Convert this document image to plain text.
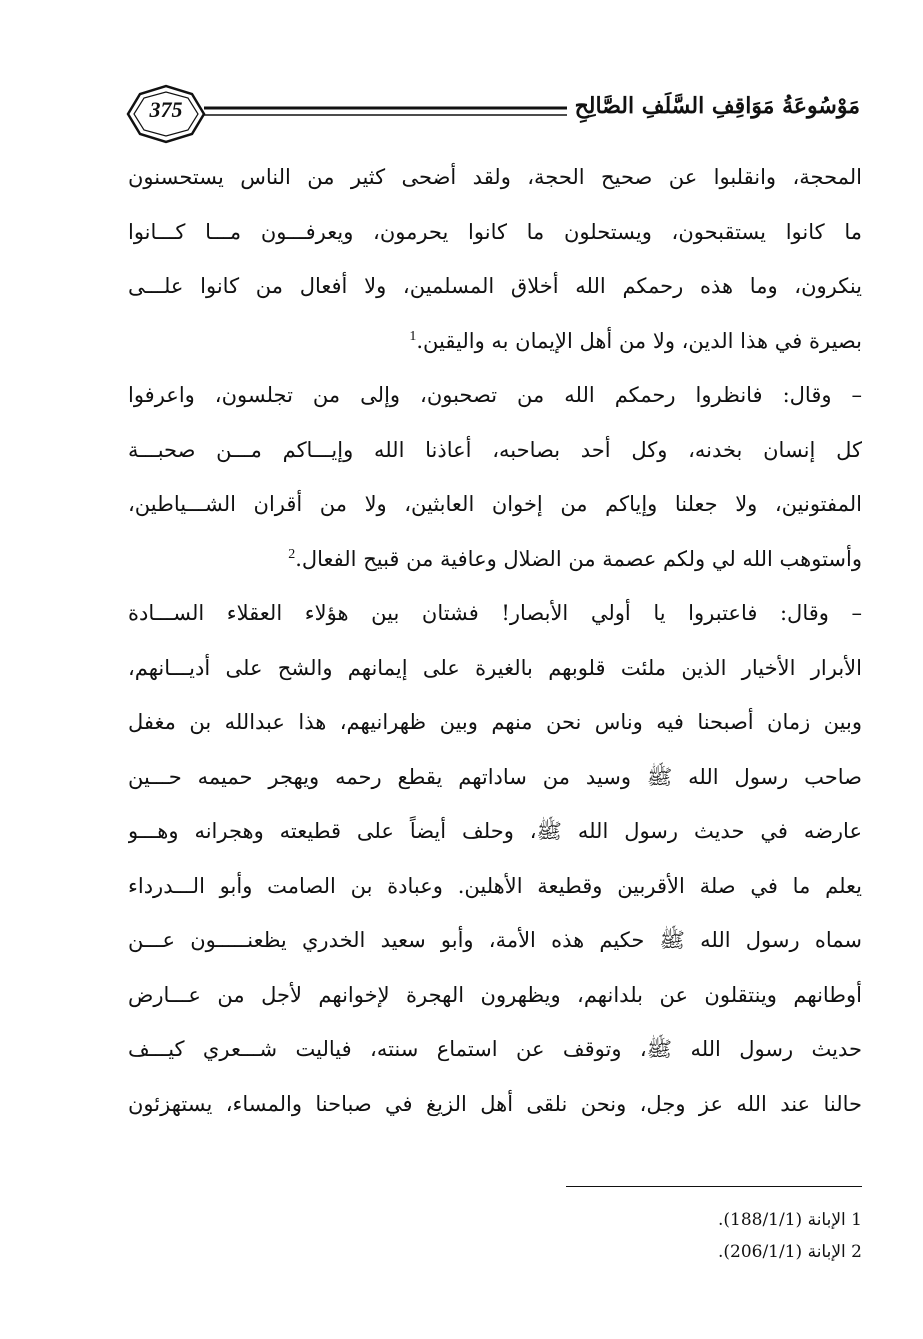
375	مَوْسُوعَةُ مَوَاقِفِ السَّلَفِ الصَّالِحِ
المحجة، وانقلبوا عن صحيح الحجة، ولقد أضحى كثير من الناس يستحسنون
ما كانوا يستقبحون، ويستحلون ما كانوا يحرمون، ويعرفـــون مـــا كـــانوا
ينكرون، وما هذه رحمكم الله أخلاق المسلمين، ولا أفعال من كانوا علـــى
بصيرة في هذا الدين، ولا من أهل الإيمان به واليقين.$^1$
– وقال: فانظروا رحمكم الله من تصحبون، وإلى من تجلسون، واعرفوا
كل إنسان بخدنه، وكل أحد بصاحبه، أعاذنا الله وإيـــاكم مـــن صحبـــة
المفتونين، ولا جعلنا وإياكم من إخوان العابثين، ولا من أقران الشـــياطين،
وأستوهب الله لي ولكم عصمة من الضلال وعافية من قبيح الفعال.$^2$
– وقال: فاعتبروا يا أولي الأبصار! فشتان بين هؤلاء العقلاء الســـادة
الأبرار الأخيار الذين ملئت قلوبهم بالغيرة على إيمانهم والشح على أديـــانهم،
وبين زمان أصبحنا فيه وناس نحن منهم وبين ظهرانيهم، هذا عبدالله بن مغفل
صاحب رسول الله ﷺ وسيد من ساداتهم يقطع رحمه ويهجر حميمه حـــين
عارضه في حديث رسول الله ﷺ، وحلف أيضاً على قطيعته وهجرانه وهـــو
يعلم ما في صلة الأقربين وقطيعة الأهلين. وعبادة بن الصامت وأبو الـــدرداء
سماه رسول الله ﷺ حكيم هذه الأمة، وأبو سعيد الخدري يظعنـــــون عـــن
أوطانهم وينتقلون عن بلدانهم، ويظهرون الهجرة لإخوانهم لأجل من عـــارض
حديث رسول الله ﷺ، وتوقف عن استماع سنته، فياليت شـــعري كيـــف
حالنا عند الله عز وجل، ونحن نلقى أهل الزيغ في صباحنا والمساء، يستهزئون
1 الإبانة (188/1/1).
2 الإبانة (206/1/1).
